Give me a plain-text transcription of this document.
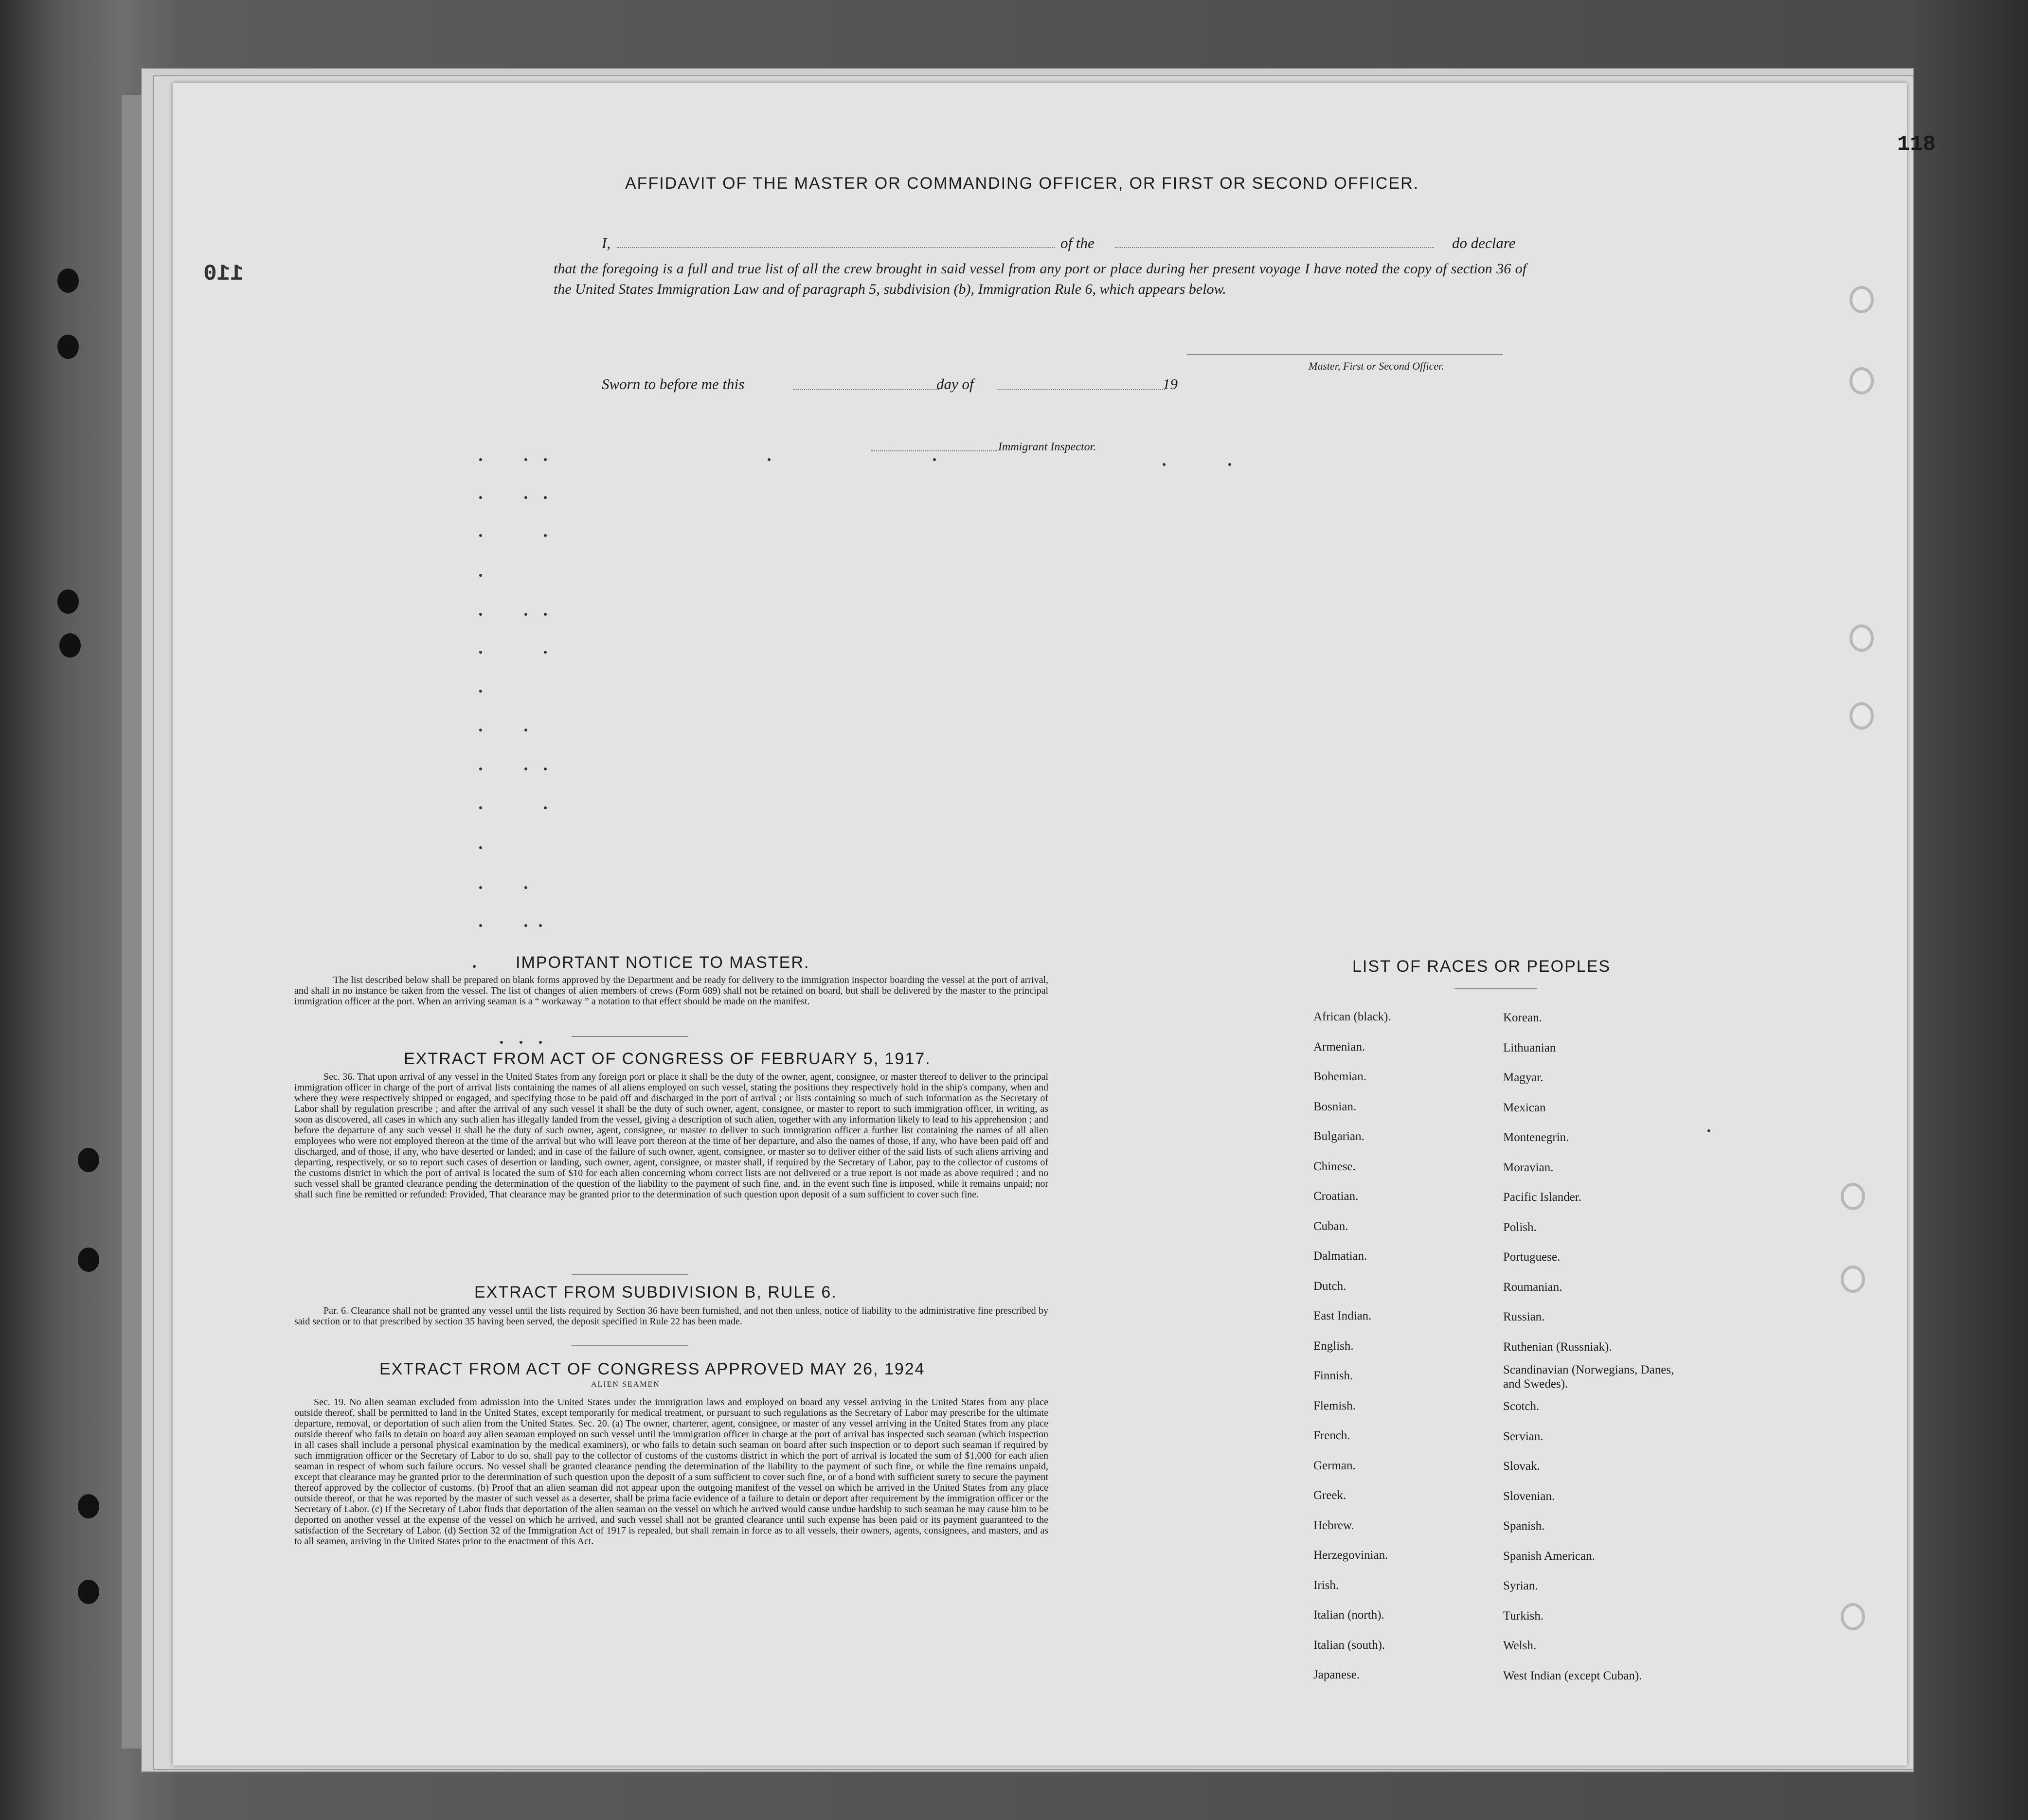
118
110
AFFIDAVIT OF THE MASTER OR COMMANDING OFFICER, OR FIRST OR SECOND OFFICER.
I,	of the	do declare
that the foregoing is a full and true list of all the crew brought in said vessel from any port or place during her present voyage I have noted the copy of section 36 of the United States Immigration Law and of paragraph 5, subdivision (b), Immigration Rule 6, which appears below.
Master, First or Second Officer.
Sworn to before me this	day of	19
Immigrant Inspector.
IMPORTANT NOTICE TO MASTER.
The list described below shall be prepared on blank forms approved by the Department and be ready for delivery to the immigration inspector boarding the vessel at the port of arrival, and shall in no instance be taken from the vessel. The list of changes of alien members of crews (Form 689) shall not be retained on board, but shall be delivered by the master to the principal immigration officer at the port. When an arriving seaman is a “ workaway ” a notation to that effect should be made on the manifest.
EXTRACT FROM ACT OF CONGRESS OF FEBRUARY 5, 1917.
Sec. 36. That upon arrival of any vessel in the United States from any foreign port or place it shall be the duty of the owner, agent, consignee, or master thereof to deliver to the principal immigration officer in charge of the port of arrival lists containing the names of all aliens employed on such vessel, stating the positions they respectively hold in the ship's company, when and where they were respectively shipped or engaged, and specifying those to be paid off and discharged in the port of arrival ; or lists containing so much of such information as the Secretary of Labor shall by regulation prescribe ; and after the arrival of any such vessel it shall be the duty of such owner, agent, consignee, or master to report to such immigration officer, in writing, as soon as discovered, all cases in which any such alien has illegally landed from the vessel, giving a description of such alien, together with any information likely to lead to his apprehension ; and before the departure of any such vessel it shall be the duty of such owner, agent, consignee, or master to deliver to such immigration officer a further list containing the names of all alien employees who were not employed thereon at the time of the arrival but who will leave port thereon at the time of her departure, and also the names of those, if any, who have been paid off and discharged, and of those, if any, who have deserted or landed; and in case of the failure of such owner, agent, consignee, or master so to deliver either of the said lists of such aliens arriving and departing, respectively, or so to report such cases of desertion or landing, such owner, agent, consignee, or master shall, if required by the Secretary of Labor, pay to the collector of customs of the customs district in which the port of arrival is located the sum of $10 for each alien concerning whom correct lists are not delivered or a true report is not made as above required ; and no such vessel shall be granted clearance pending the determination of the question of the liability to the payment of such fine, and, in the event such fine is imposed, while it remains unpaid; nor shall such fine be remitted or refunded: Provided, That clearance may be granted prior to the determination of such question upon deposit of a sum sufficient to cover such fine.
EXTRACT FROM SUBDIVISION B, RULE 6.
Par. 6. Clearance shall not be granted any vessel until the lists required by Section 36 have been furnished, and not then unless, notice of liability to the administrative fine prescribed by said section or to that prescribed by section 35 having been served, the deposit specified in Rule 22 has been made.
EXTRACT FROM ACT OF CONGRESS APPROVED MAY 26, 1924
ALIEN SEAMEN
Sec. 19. No alien seaman excluded from admission into the United States under the immigration laws and employed on board any vessel arriving in the United States from any place outside thereof, shall be permitted to land in the United States, except temporarily for medical treatment, or pursuant to such regulations as the Secretary of Labor may prescribe for the ultimate departure, removal, or deportation of such alien from the United States. Sec. 20. (a) The owner, charterer, agent, consignee, or master of any vessel arriving in the United States from any place outside thereof who fails to detain on board any alien seaman employed on such vessel until the immigration officer in charge at the port of arrival has inspected such seaman (which inspection in all cases shall include a personal physical examination by the medical examiners), or who fails to detain such seaman on board after such inspection or to deport such seaman if required by such immigration officer or the Secretary of Labor to do so, shall pay to the collector of customs of the customs district in which the port of arrival is located the sum of $1,000 for each alien seaman in respect of whom such failure occurs. No vessel shall be granted clearance pending the determination of the liability to the payment of such fine, or while the fine remains unpaid, except that clearance may be granted prior to the determination of such question upon the deposit of a sum sufficient to cover such fine, or of a bond with sufficient surety to secure the payment thereof approved by the collector of customs. (b) Proof that an alien seaman did not appear upon the outgoing manifest of the vessel on which he arrived in the United States from any place outside thereof, or that he was reported by the master of such vessel as a deserter, shall be prima facie evidence of a failure to detain or deport after requirement by the immigration officer or the Secretary of Labor. (c) If the Secretary of Labor finds that deportation of the alien seaman on the vessel on which he arrived would cause undue hardship to such seaman he may cause him to be deported on another vessel at the expense of the vessel on which he arrived, and such vessel shall not be granted clearance until such expense has been paid or its payment guaranteed to the satisfaction of the Secretary of Labor. (d) Section 32 of the Immigration Act of 1917 is repealed, but shall remain in force as to all vessels, their owners, agents, consignees, and masters, and as to all seamen, arriving in the United States prior to the enactment of this Act.
LIST OF RACES OR PEOPLES
African (black).
Armenian.
Bohemian.
Bosnian.
Bulgarian.
Chinese.
Croatian.
Cuban.
Dalmatian.
Dutch.
East Indian.
English.
Finnish.
Flemish.
French.
German.
Greek.
Hebrew.
Herzegovinian.
Irish.
Italian (north).
Italian (south).
Japanese.
Korean.
Lithuanian
Magyar.
Mexican
Montenegrin.
Moravian.
Pacific Islander.
Polish.
Portuguese.
Roumanian.
Russian.
Ruthenian (Russniak).
Scandinavian (Norwegians, Danes, and Swedes).
Scotch.
Servian.
Slovak.
Slovenian.
Spanish.
Spanish American.
Syrian.
Turkish.
Welsh.
West Indian (except Cuban).
